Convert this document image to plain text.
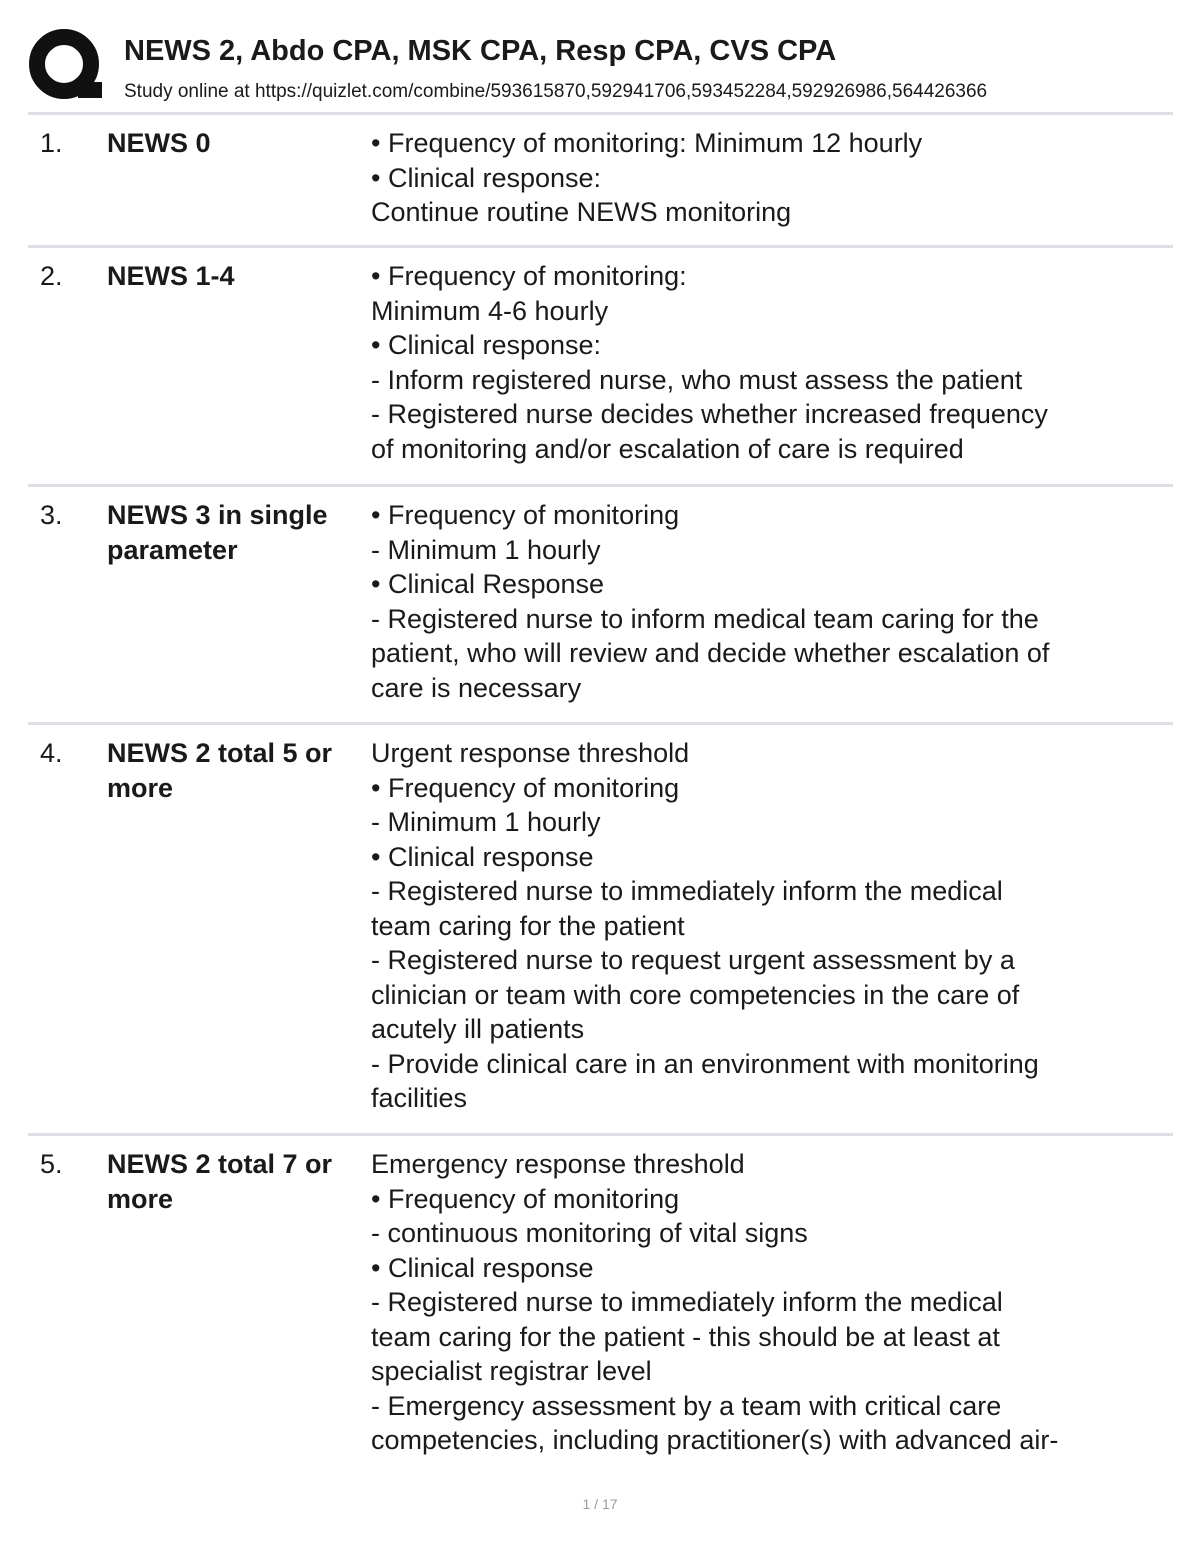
NEWS 2, Abdo CPA, MSK CPA, Resp CPA, CVS CPA

Study online at https://quizlet.com/combine/593615870,592941706,593452284,592926986,564426366

1. NEWS 0	• Frequency of monitoring: Minimum 12 hourly
• Clinical response:
Continue routine NEWS monitoring
2. NEWS 1-4	• Frequency of monitoring:
Minimum 4-6 hourly
• Clinical response:
- Inform registered nurse, who must assess the patient
- Registered nurse decides whether increased frequency
of monitoring and/or escalation of care is required
3. NEWS 3 in single parameter
• Frequency of monitoring
- Minimum 1 hourly
• Clinical Response
- Registered nurse to inform medical team caring for the
patient, who will review and decide whether escalation of
care is necessary
4. NEWS 2 total 5 or more
Urgent response threshold
• Frequency of monitoring
- Minimum 1 hourly
• Clinical response
- Registered nurse to immediately inform the medical
team caring for the patient
- Registered nurse to request urgent assessment by a
clinician or team with core competencies in the care of
acutely ill patients
- Provide clinical care in an environment with monitoring
facilities
5. NEWS 2 total 7 or more
Emergency response threshold
• Frequency of monitoring
- continuous monitoring of vital signs
• Clinical response
- Registered nurse to immediately inform the medical
team caring for the patient - this should be at least at
specialist registrar level
- Emergency assessment by a team with critical care
competencies, including practitioner(s) with advanced air-
1 / 17
